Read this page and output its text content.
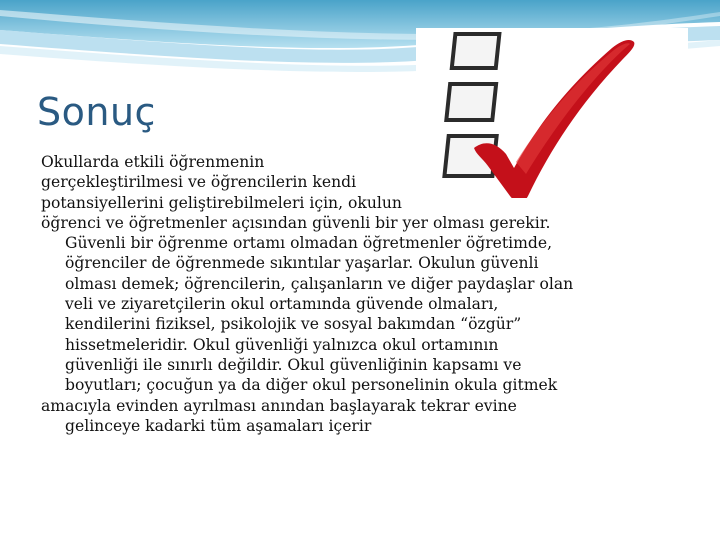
Sonuç
Okullarda etkili öğrenmenin
gerçekleştirilmesi ve öğrencilerin kendi
potansiyellerini geliştirebilmeleri için, okulun
öğrenci ve öğretmenler açısından güvenli bir yer olması gerekir.
Güvenli bir öğrenme ortamı olmadan öğretmenler öğretimde,
öğrenciler de öğrenmede sıkıntılar yaşarlar. Okulun güvenli
olması demek; öğrencilerin, çalışanların ve diğer paydaşlar olan
veli ve ziyaretçilerin okul ortamında güvende olmaları,
kendilerini fiziksel, psikolojik ve sosyal bakımdan “özgür”
hissetmeleridir. Okul güvenliği yalnızca okul ortamının
güvenliği ile sınırlı değildir. Okul güvenliğinin kapsamı ve
boyutları; çocuğun ya da diğer okul personelinin okula gitmek
amacıyla evinden ayrılması anından başlayarak tekrar evine
gelinceye kadarki tüm aşamaları içerir
